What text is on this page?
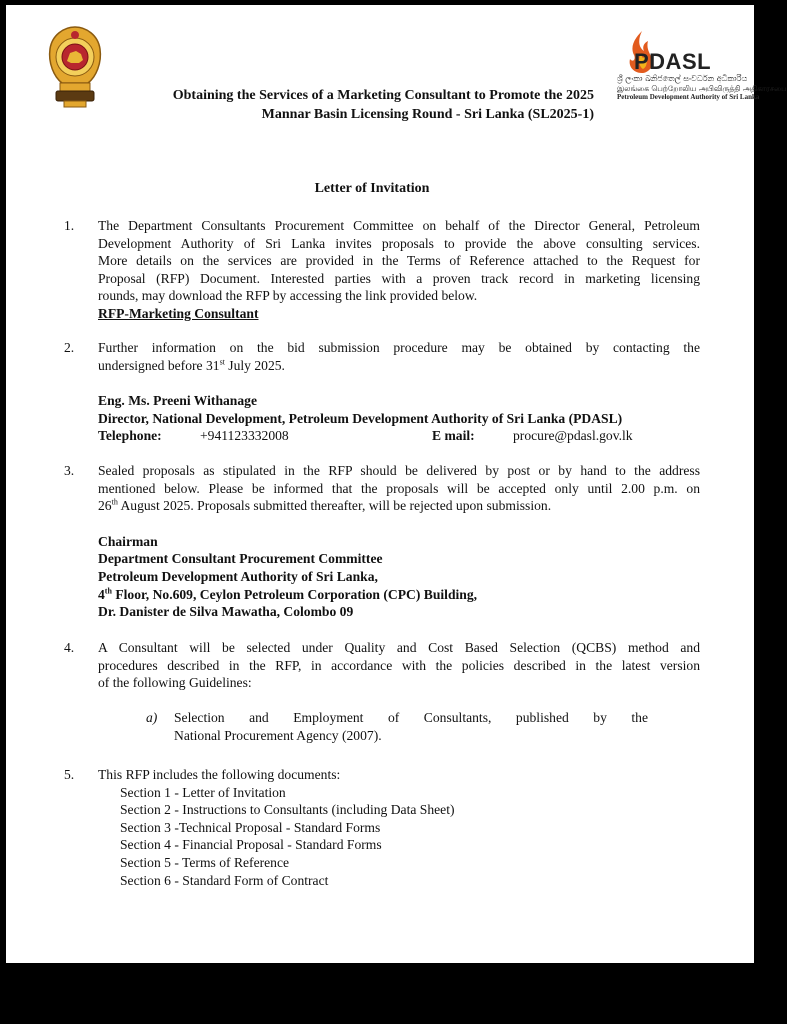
PDASL
ශ්‍රී ලංකා ඛනිජතෙල් සංවර්ධන අධිකාරිය
இலங்கை பெற்றோலிய அபிவிருத்தி அதிகாரசபை
Petroleum Development Authority of Sri Lanka
Obtaining the Services of a Marketing Consultant to Promote the 2025
Mannar Basin Licensing Round - Sri Lanka (SL2025-1)
Letter of Invitation
1. The Department Consultants Procurement Committee on behalf of the Director General, Petroleum
Development Authority of Sri Lanka invites proposals to provide the above consulting services.
More details on the services are provided in the Terms of Reference attached to the Request for
Proposal (RFP) Document. Interested parties with a proven track record in marketing licensing
rounds, may download the RFP by accessing the link provided below.
RFP-Marketing Consultant
2. Further information on the bid submission procedure may be obtained by contacting the
undersigned before 31st July 2025.
Eng. Ms. Preeni Withanage
Director, National Development, Petroleum Development Authority of Sri Lanka (PDASL)
Telephone:	+941123332008	E mail:	procure@pdasl.gov.lk
3. Sealed proposals as stipulated in the RFP should be delivered by post or by hand to the address
mentioned below. Please be informed that the proposals will be accepted only until 2.00 p.m. on
26th August 2025. Proposals submitted thereafter, will be rejected upon submission.
Chairman
Department Consultant Procurement Committee
Petroleum Development Authority of Sri Lanka,
4th Floor, No.609, Ceylon Petroleum Corporation (CPC) Building,
Dr. Danister de Silva Mawatha, Colombo 09
4. A Consultant will be selected under Quality and Cost Based Selection (QCBS) method and
procedures described in the RFP, in accordance with the policies described in the latest version
of the following Guidelines:
a) Selection and Employment of Consultants, published by the
National Procurement Agency (2007).
5. This RFP includes the following documents:
Section 1 - Letter of Invitation
Section 2 - Instructions to Consultants (including Data Sheet)
Section 3 -Technical Proposal - Standard Forms
Section 4 - Financial Proposal - Standard Forms
Section 5 - Terms of Reference
Section 6 - Standard Form of Contract
